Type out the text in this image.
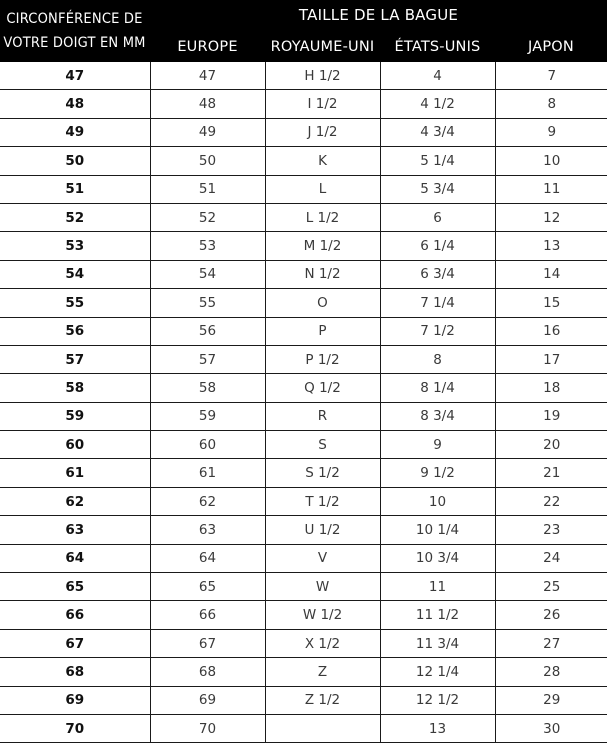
CIRCONFÉRENCE DE
VOTRE DOIGT EN MM
TAILLE DE LA BAGUE
EUROPE	ROYAUME-UNI	ÉTATS-UNIS	JAPON
47	47	H 1/2	4	7
48	48	I 1/2	4 1/2	8
49	49	J 1/2	4 3/4	9
50	50	K	5 1/4	10
51	51	L	5 3/4	11
52	52	L 1/2	6	12
53	53	M 1/2	6 1/4	13
54	54	N 1/2	6 3/4	14
55	55	O	7 1/4	15
56	56	P	7 1/2	16
57	57	P 1/2	8	17
58	58	Q 1/2	8 1/4	18
59	59	R	8 3/4	19
60	60	S	9	20
61	61	S 1/2	9 1/2	21
62	62	T 1/2	10	22
63	63	U 1/2	10 1/4	23
64	64	V	10 3/4	24
65	65	W	11	25
66	66	W 1/2	11 1/2	26
67	67	X 1/2	11 3/4	27
68	68	Z	12 1/4	28
69	69	Z 1/2	12 1/2	29
70	70		13	30
